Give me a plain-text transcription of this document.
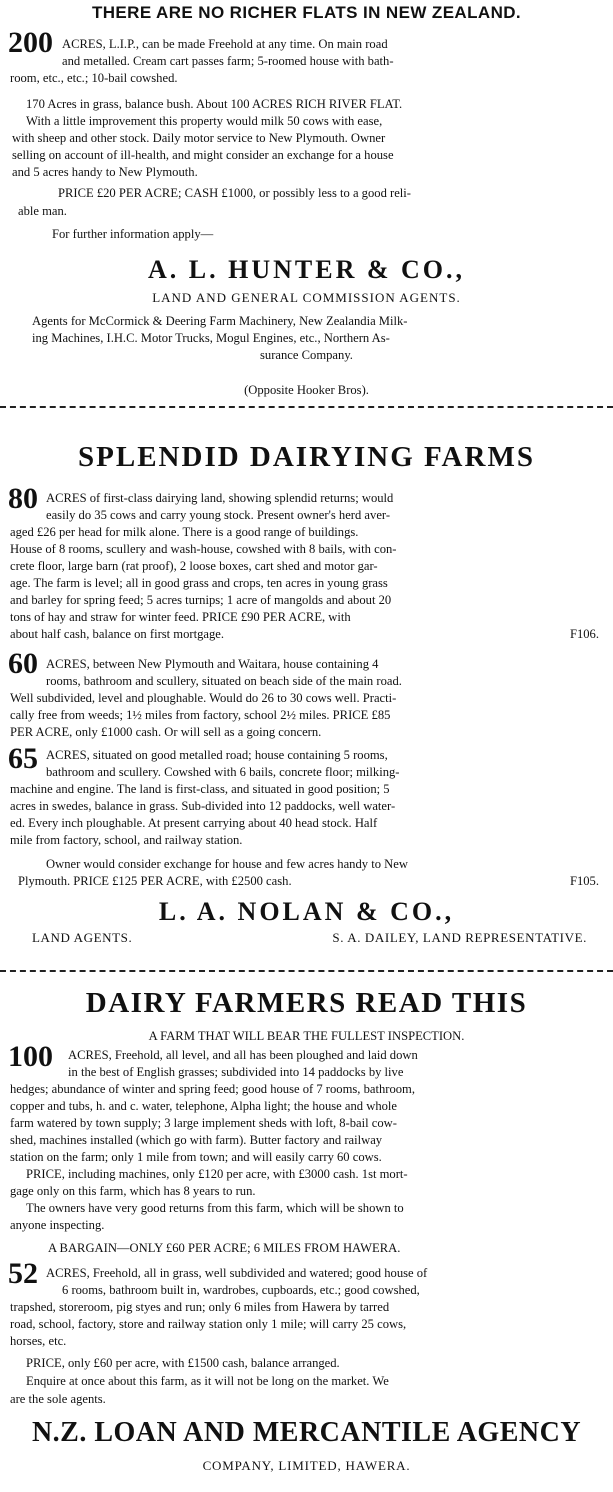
THERE ARE NO RICHER FLATS IN NEW ZEALAND.
200 ACRES, L.I.P., can be made Freehold at any time. On main road
and metalled. Cream cart passes farm; 5-roomed house with bath-
room, etc., etc.; 10-bail cowshed.
170 Acres in grass, balance bush. About 100 ACRES RICH RIVER FLAT.
With a little improvement this property would milk 50 cows with ease,
with sheep and other stock. Daily motor service to New Plymouth. Owner
selling on account of ill-health, and might consider an exchange for a house
and 5 acres handy to New Plymouth.
PRICE £20 PER ACRE; CASH £1000, or possibly less to a good reli-
able man.
For further information apply—
A. L. HUNTER & CO.,
LAND AND GENERAL COMMISSION AGENTS.
Agents for McCormick & Deering Farm Machinery, New Zealandia Milk-
ing Machines, I.H.C. Motor Trucks, Mogul Engines, etc., Northern As-
surance Company.
(Opposite Hooker Bros).
SPLENDID DAIRYING FARMS
80 ACRES of first-class dairying land, showing splendid returns; would
easily do 35 cows and carry young stock. Present owner's herd aver-
aged £26 per head for milk alone. There is a good range of buildings.
House of 8 rooms, scullery and wash-house, cowshed with 8 bails, with con-
crete floor, large barn (rat proof), 2 loose boxes, cart shed and motor gar-
age. The farm is level; all in good grass and crops, ten acres in young grass
and barley for spring feed; 5 acres turnips; 1 acre of mangolds and about 20
tons of hay and straw for winter feed. PRICE £90 PER ACRE, with
about half cash, balance on first mortgage.	F106.
60 ACRES, between New Plymouth and Waitara, house containing 4
rooms, bathroom and scullery, situated on beach side of the main road.
Well subdivided, level and ploughable. Would do 26 to 30 cows well. Practi-
cally free from weeds; 1½ miles from factory, school 2½ miles. PRICE £85
PER ACRE, only £1000 cash. Or will sell as a going concern.
65 ACRES, situated on good metalled road; house containing 5 rooms,
bathroom and scullery. Cowshed with 6 bails, concrete floor; milking-
machine and engine. The land is first-class, and situated in good position; 5
acres in swedes, balance in grass. Sub-divided into 12 paddocks, well water-
ed. Every inch ploughable. At present carrying about 40 head stock. Half
mile from factory, school, and railway station.
Owner would consider exchange for house and few acres handy to New
Plymouth. PRICE £125 PER ACRE, with £2500 cash.	F105.
L. A. NOLAN & CO.,
LAND AGENTS.	S. A. DAILEY, LAND REPRESENTATIVE.
DAIRY FARMERS READ THIS
A FARM THAT WILL BEAR THE FULLEST INSPECTION.
100 ACRES, Freehold, all level, and all has been ploughed and laid down
in the best of English grasses; subdivided into 14 paddocks by live
hedges; abundance of winter and spring feed; good house of 7 rooms, bathroom,
copper and tubs, h. and c. water, telephone, Alpha light; the house and whole
farm watered by town supply; 3 large implement sheds with loft, 8-bail cow-
shed, machines installed (which go with farm). Butter factory and railway
station on the farm; only 1 mile from town; and will easily carry 60 cows.
PRICE, including machines, only £120 per acre, with £3000 cash. 1st mort-
gage only on this farm, which has 8 years to run.
The owners have very good returns from this farm, which will be shown to
anyone inspecting.
A BARGAIN—ONLY £60 PER ACRE; 6 MILES FROM HAWERA.
52 ACRES, Freehold, all in grass, well subdivided and watered; good house of
6 rooms, bathroom built in, wardrobes, cupboards, etc.; good cowshed,
trapshed, storeroom, pig styes and run; only 6 miles from Hawera by tarred
road, school, factory, store and railway station only 1 mile; will carry 25 cows,
horses, etc.
PRICE, only £60 per acre, with £1500 cash, balance arranged.
Enquire at once about this farm, as it will not be long on the market. We
are the sole agents.
N.Z. LOAN AND MERCANTILE AGENCY
COMPANY, LIMITED, HAWERA.
